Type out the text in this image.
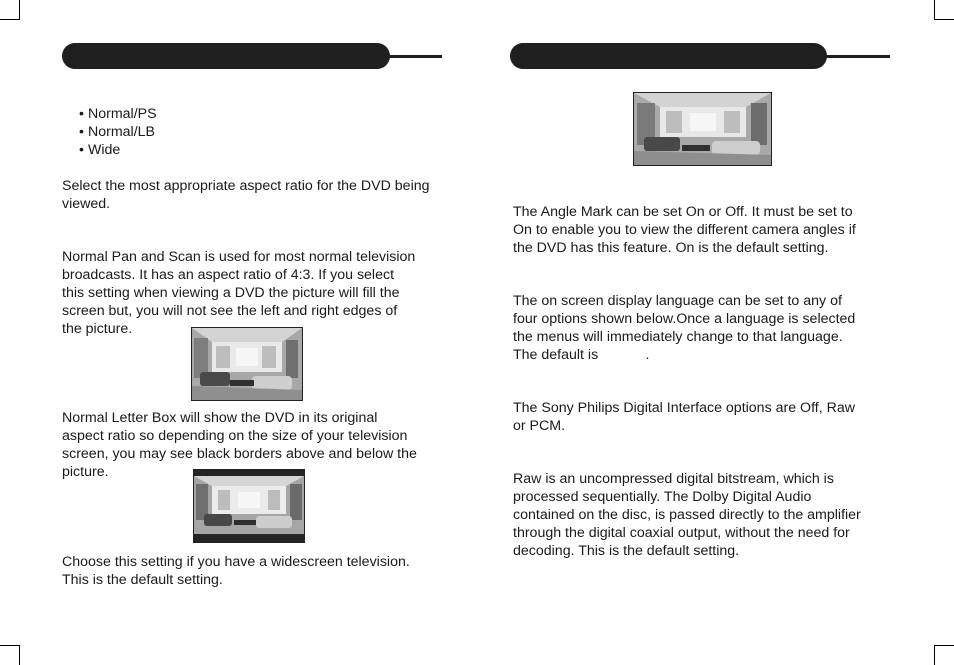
• Normal/PS
• Normal/LB
• Wide

Select the most appropriate aspect ratio for the DVD being viewed.

Normal Pan and Scan is used for most normal television
broadcasts. It has an aspect ratio of 4:3. If you select
this setting when viewing a DVD the picture will fill the
screen but, you will not see the left and right edges of
the picture.
Normal Letter Box will show the DVD in its original
aspect ratio so depending on the size of your television
screen, you may see black borders above and below the
picture.
Choose this setting if you have a widescreen television.
This is the default setting.
The Angle Mark can be set On or Off. It must be set to
On to enable you to view the different camera angles if
the DVD has this feature. On is the default setting.
The on screen display language can be set to any of
four options shown below.Once a language is selected
the menus will immediately change to that language.
The default is            .
The Sony Philips Digital Interface options are Off, Raw
or PCM.
Raw is an uncompressed digital bitstream, which is
processed sequentially. The Dolby Digital Audio
contained on the disc, is passed directly to the amplifier
through the digital coaxial output, without the need for
decoding. This is the default setting.
